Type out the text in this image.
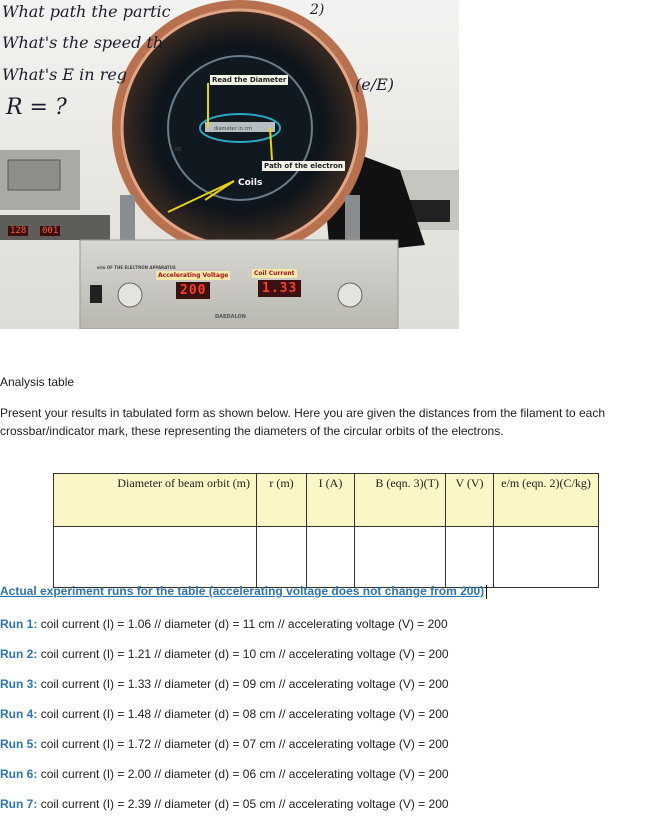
What path the partic
What's the speed th
What's E in reg
R = ?
2)
(e/E)
Read the Diameter
diameter in cm
1.00
Path of the electron
Coils
e/m OF THE ELECTRON APPARATUS
Accelerating Voltage
200
Coil Current
1.33
DAEDALON
128 001
Analysis table
Present your results in tabulated form as shown below. Here you are given the distances from the filament to each crossbar/indicator mark, these representing the diameters of the circular orbits of the electrons.
Diameter of beam orbit (m)	r (m)	I (A)	B (eqn. 3)(T)	V (V)	e/m (eqn. 2)(C/kg)

Actual experiment runs for the table (accelerating voltage does not change from 200)
Run 1: coil current (I) = 1.06 // diameter (d) = 11 cm // accelerating voltage (V) = 200
Run 2: coil current (I) = 1.21 // diameter (d) = 10 cm // accelerating voltage (V) = 200
Run 3: coil current (I) = 1.33 // diameter (d) = 09 cm // accelerating voltage (V) = 200
Run 4: coil current (I) = 1.48 // diameter (d) = 08 cm // accelerating voltage (V) = 200
Run 5: coil current (I) = 1.72 // diameter (d) = 07 cm // accelerating voltage (V) = 200
Run 6: coil current (I) = 2.00 // diameter (d) = 06 cm // accelerating voltage (V) = 200
Run 7: coil current (I) = 2.39 // diameter (d) = 05 cm // accelerating voltage (V) = 200
